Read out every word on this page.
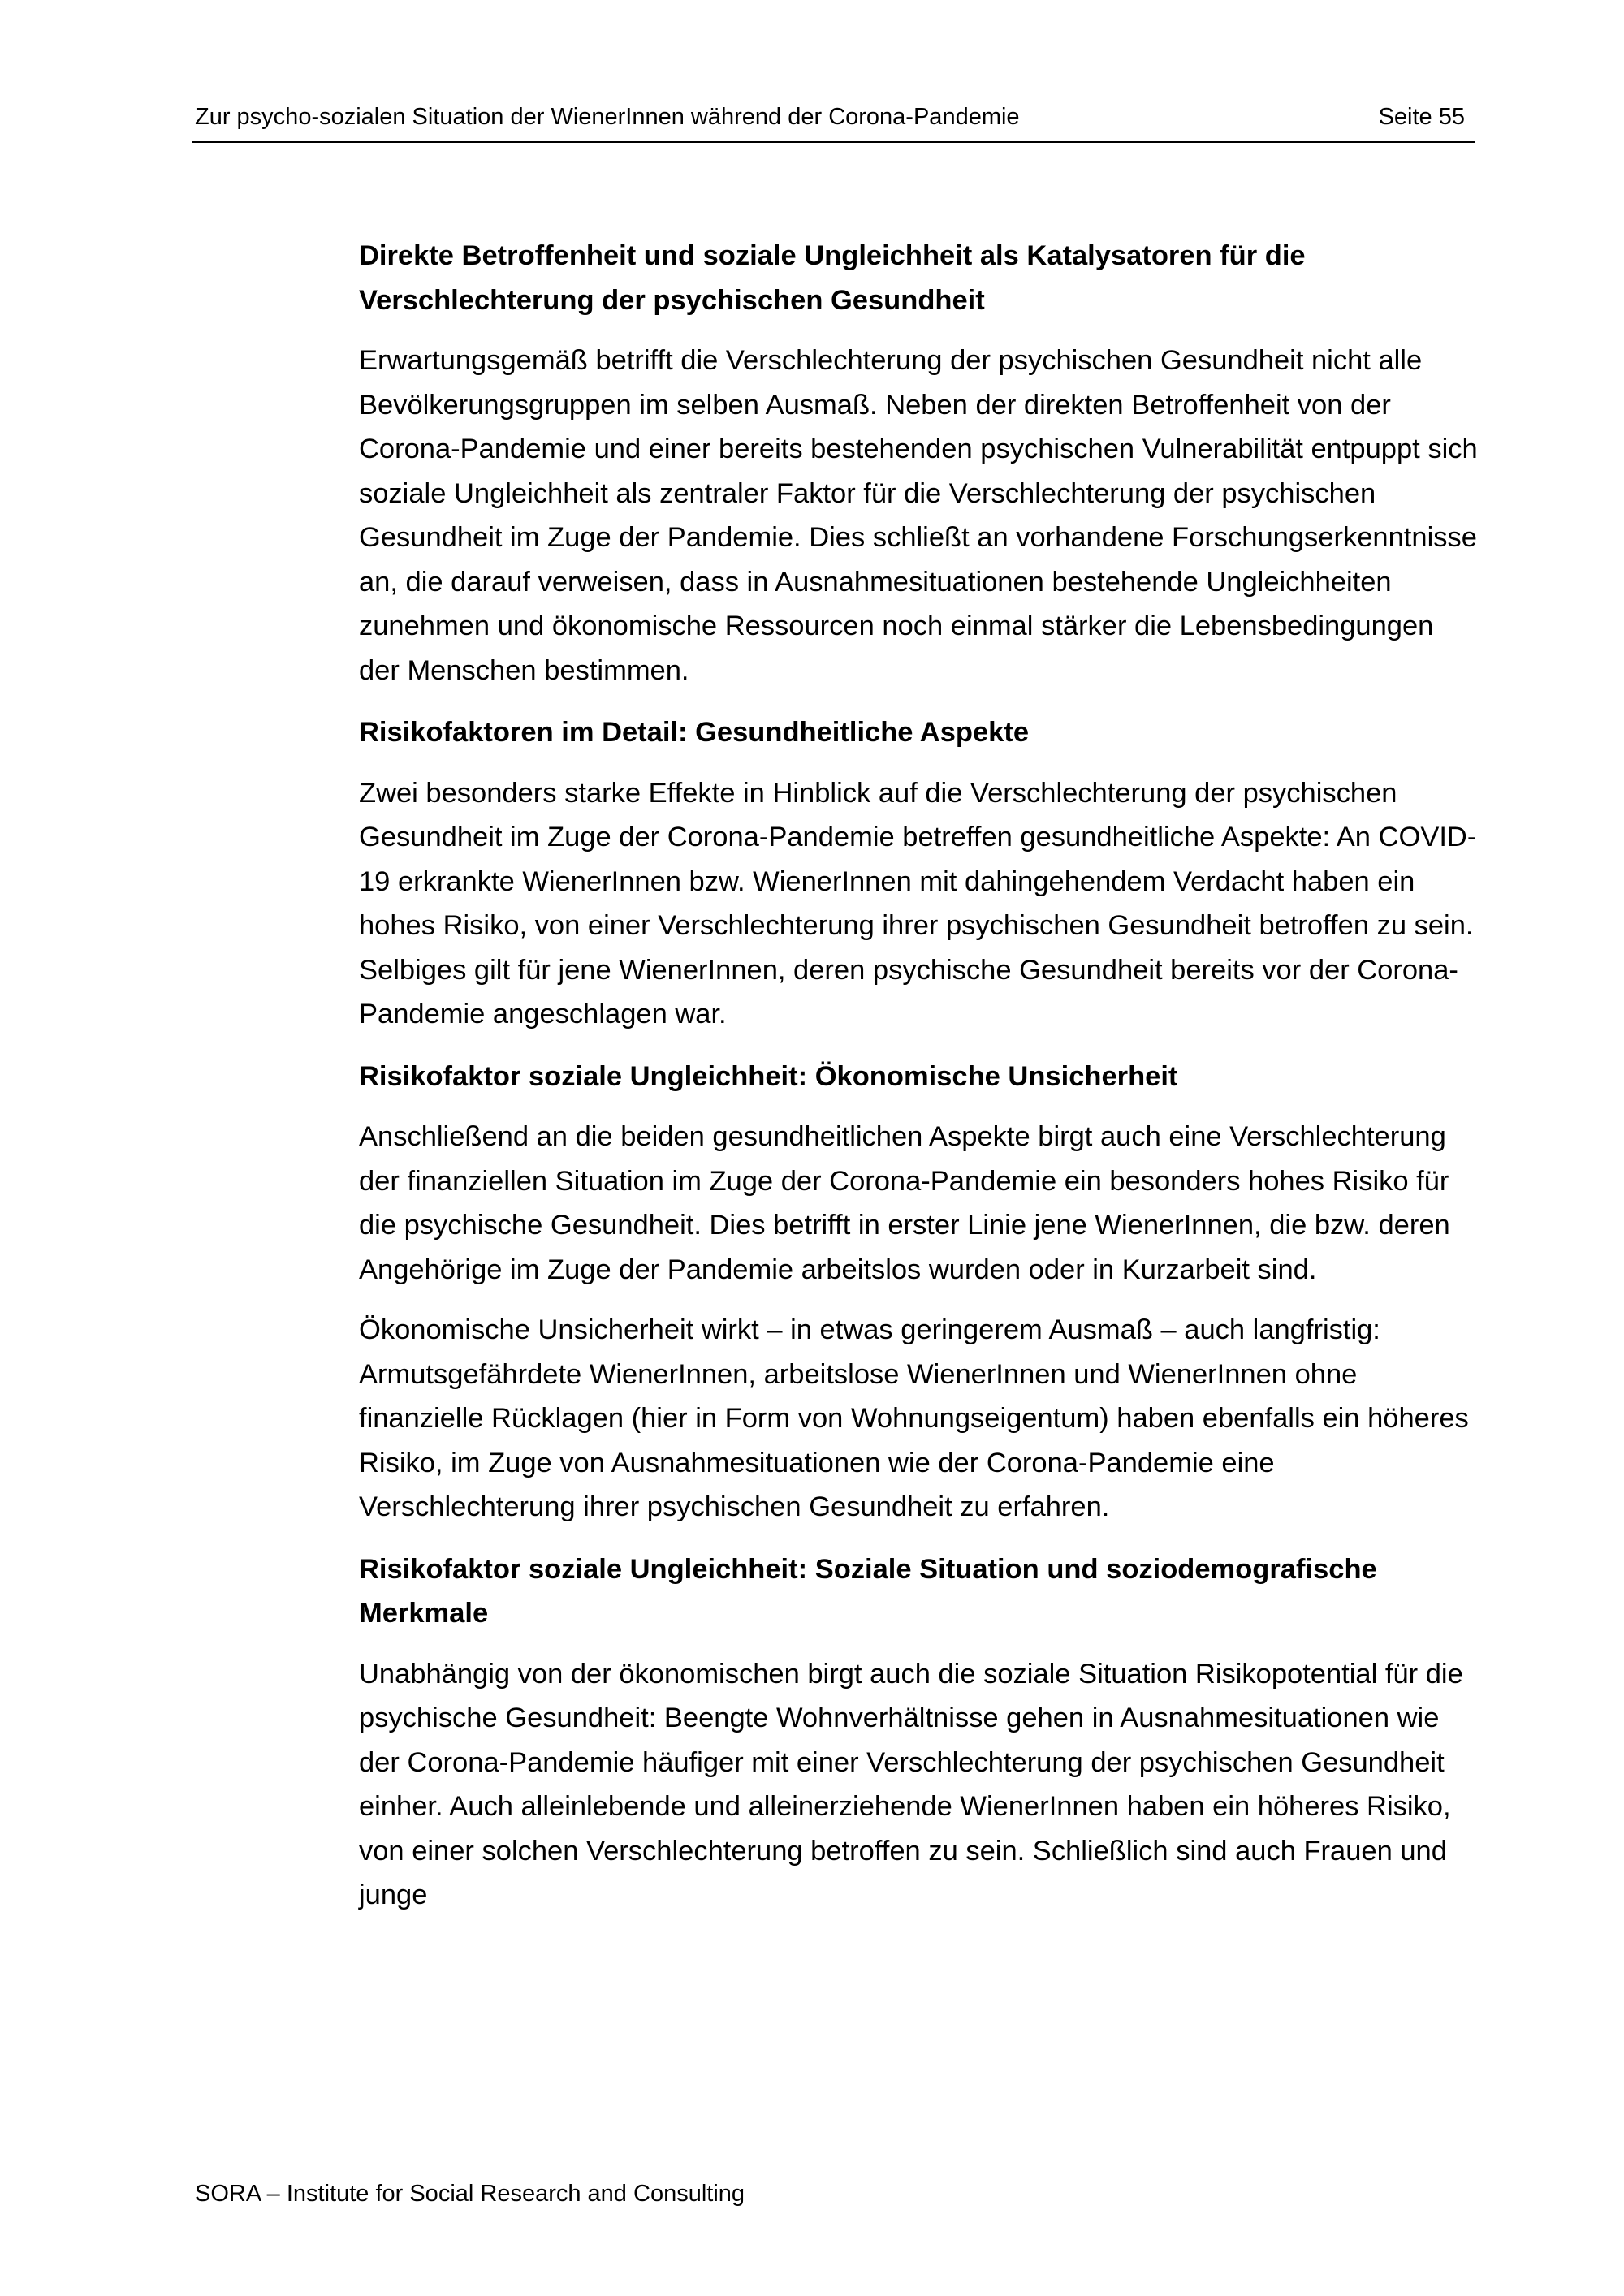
Zur psycho-sozialen Situation der WienerInnen während der Corona-Pandemie	Seite 55
Direkte Betroffenheit und soziale Ungleichheit als Katalysatoren für die Verschlechterung der psychischen Gesundheit

Erwartungsgemäß betrifft die Verschlechterung der psychischen Gesundheit nicht alle Bevölkerungsgruppen im selben Ausmaß. Neben der direkten Betroffenheit von der Corona-Pandemie und einer bereits bestehenden psychischen Vulnerabilität entpuppt sich soziale Ungleichheit als zentraler Faktor für die Verschlechterung der psychischen Gesundheit im Zuge der Pandemie. Dies schließt an vorhandene Forschungserkenntnisse an, die darauf verweisen, dass in Ausnahmesituationen bestehende Ungleichheiten zunehmen und ökonomische Ressourcen noch einmal stärker die Lebensbedingungen der Menschen bestimmen.

Risikofaktoren im Detail: Gesundheitliche Aspekte

Zwei besonders starke Effekte in Hinblick auf die Verschlechterung der psychischen Gesundheit im Zuge der Corona-Pandemie betreffen gesundheitliche Aspekte: An COVID-19 erkrankte WienerInnen bzw. WienerInnen mit dahingehendem Verdacht haben ein hohes Risiko, von einer Verschlechterung ihrer psychischen Gesundheit betroffen zu sein. Selbiges gilt für jene WienerInnen, deren psychische Gesundheit bereits vor der Corona-Pandemie angeschlagen war.

Risikofaktor soziale Ungleichheit: Ökonomische Unsicherheit

Anschließend an die beiden gesundheitlichen Aspekte birgt auch eine Verschlechterung der finanziellen Situation im Zuge der Corona-Pandemie ein besonders hohes Risiko für die psychische Gesundheit. Dies betrifft in erster Linie jene WienerInnen, die bzw. deren Angehörige im Zuge der Pandemie arbeitslos wurden oder in Kurzarbeit sind.

Ökonomische Unsicherheit wirkt – in etwas geringerem Ausmaß – auch langfristig: Armutsgefährdete WienerInnen, arbeitslose WienerInnen und WienerInnen ohne finanzielle Rücklagen (hier in Form von Wohnungseigentum) haben ebenfalls ein höheres Risiko, im Zuge von Ausnahmesituationen wie der Corona-Pandemie eine Verschlechterung ihrer psychischen Gesundheit zu erfahren.

Risikofaktor soziale Ungleichheit: Soziale Situation und soziodemografische Merkmale

Unabhängig von der ökonomischen birgt auch die soziale Situation Risikopotential für die psychische Gesundheit: Beengte Wohnverhältnisse gehen in Ausnahmesituationen wie der Corona-Pandemie häufiger mit einer Verschlechterung der psychischen Gesundheit einher. Auch alleinlebende und alleinerziehende WienerInnen haben ein höheres Risiko, von einer solchen Verschlechterung betroffen zu sein. Schließlich sind auch Frauen und junge

SORA – Institute for Social Research and Consulting
